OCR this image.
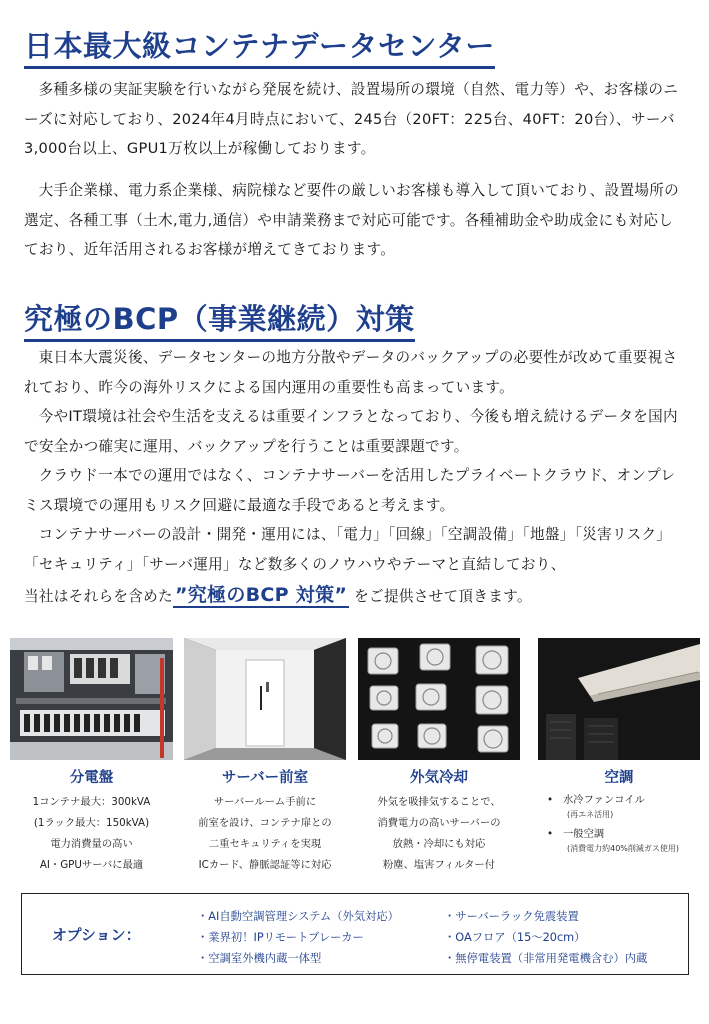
日本最大級コンテナデータセンター

多種多様の実証実験を行いながら発展を続け、設置場所の環境（自然、電力等）や、お客様のニーズに対応しており、2024年4月時点において、245台（20FT：225台、40FT：20台）、サーバ3,000台以上、GPU1万枚以上が稼働しております。

大手企業様、電力系企業様、病院様など要件の厳しいお客様も導入して頂いており、設置場所の選定、各種工事（土木,電力,通信）や申請業務まで対応可能です。各種補助金や助成金にも対応しており、近年活用されるお客様が増えてきております。

究極のBCP（事業継続）対策

東日本大震災後、データセンターの地方分散やデータのバックアップの必要性が改めて重要視されており、昨今の海外リスクによる国内運用の重要性も高まっています。

今やIT環境は社会や生活を支えるは重要インフラとなっており、今後も増え続けるデータを国内で安全かつ確実に運用、バックアップを行うことは重要課題です。

クラウド一本での運用ではなく、コンテナサーバーを活用したプライベートクラウド、オンプレミス環境での運用もリスク回避に最適な手段であると考えます。

コンテナサーバーの設計・開発・運用には、「電力」「回線」「空調設備」「地盤」「災害リスク」「セキュリティ」「サーバ運用」など数多くのノウハウやテーマと直結しており、

当社はそれらを含めた ”究極のBCP 対策” をご提供させて頂きます。
分電盤	サーバー前室	外気冷却	空調
1コンテナ最大：300kVA
(1ラック最大：150kVA)
電力消費量の高い
AI・GPUサーバに最適
サーバールーム手前に
前室を設け、コンテナ扉との
二重セキュリティを実現
ICカード、静脈認証等に対応
外気を吸排気することで、
消費電力の高いサーバーの
放熱・冷却にも対応
粉塵、塩害フィルター付
• 水冷ファンコイル
(再エネ活用)
• 一般空調
(消費電力約40%削減ガス使用)
オプション：
・AI自動空調管理システム（外気対応）
・業界初！IPリモートブレーカー
・空調室外機内蔵一体型
・サーバーラック免震装置
・OAフロア（15～20cm）
・無停電装置（非常用発電機含む）内蔵
